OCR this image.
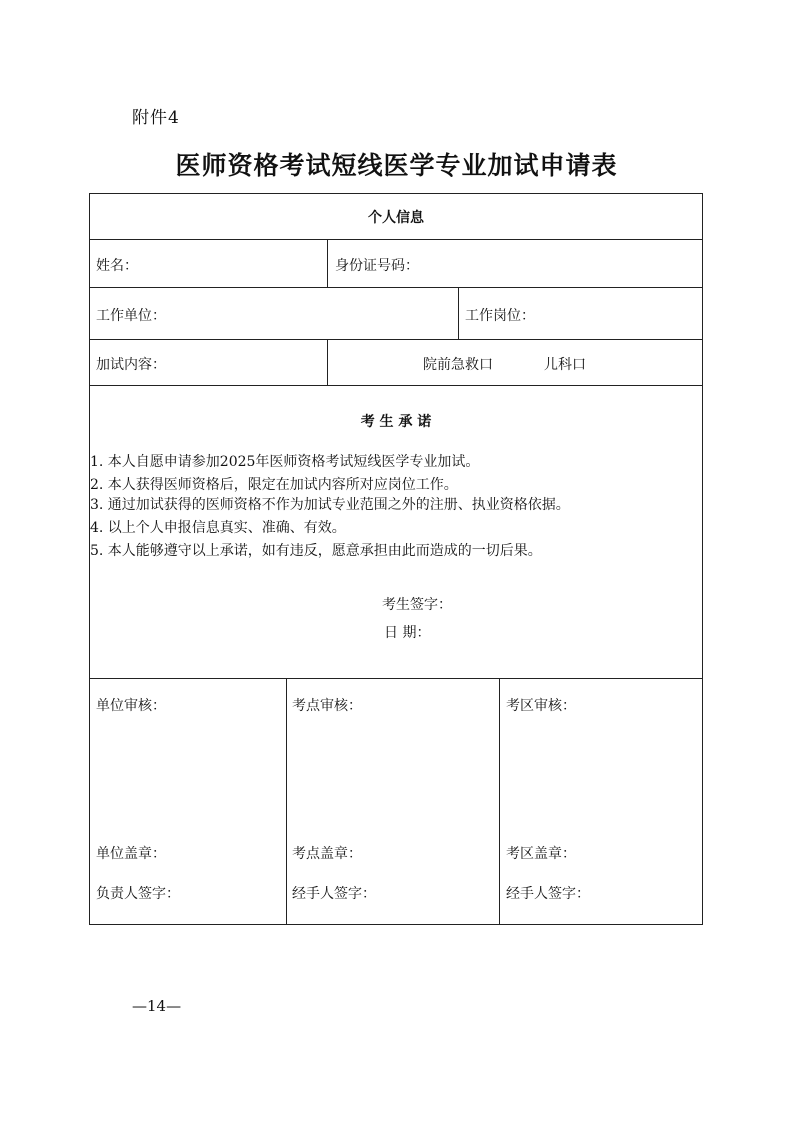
附件4
医师资格考试短线医学专业加试申请表
个人信息
姓名：	身份证号码：
工作单位：	工作岗位：
加试内容：	院前急救口	儿科口
考 生 承 诺
1. 本人自愿申请参加2025年医师资格考试短线医学专业加试。
2. 本人获得医师资格后，限定在加试内容所对应岗位工作。
3. 通过加试获得的医师资格不作为加试专业范围之外的注册、执业资格依据。
4. 以上个人申报信息真实、准确、有效。
5. 本人能够遵守以上承诺，如有违反，愿意承担由此而造成的一切后果。
考生签字：
日 期：
单位审核：
单位盖章：
负责人签字：
考点审核：
考点盖章：
经手人签字：
考区审核：
考区盖章：
经手人签字：
—14—
